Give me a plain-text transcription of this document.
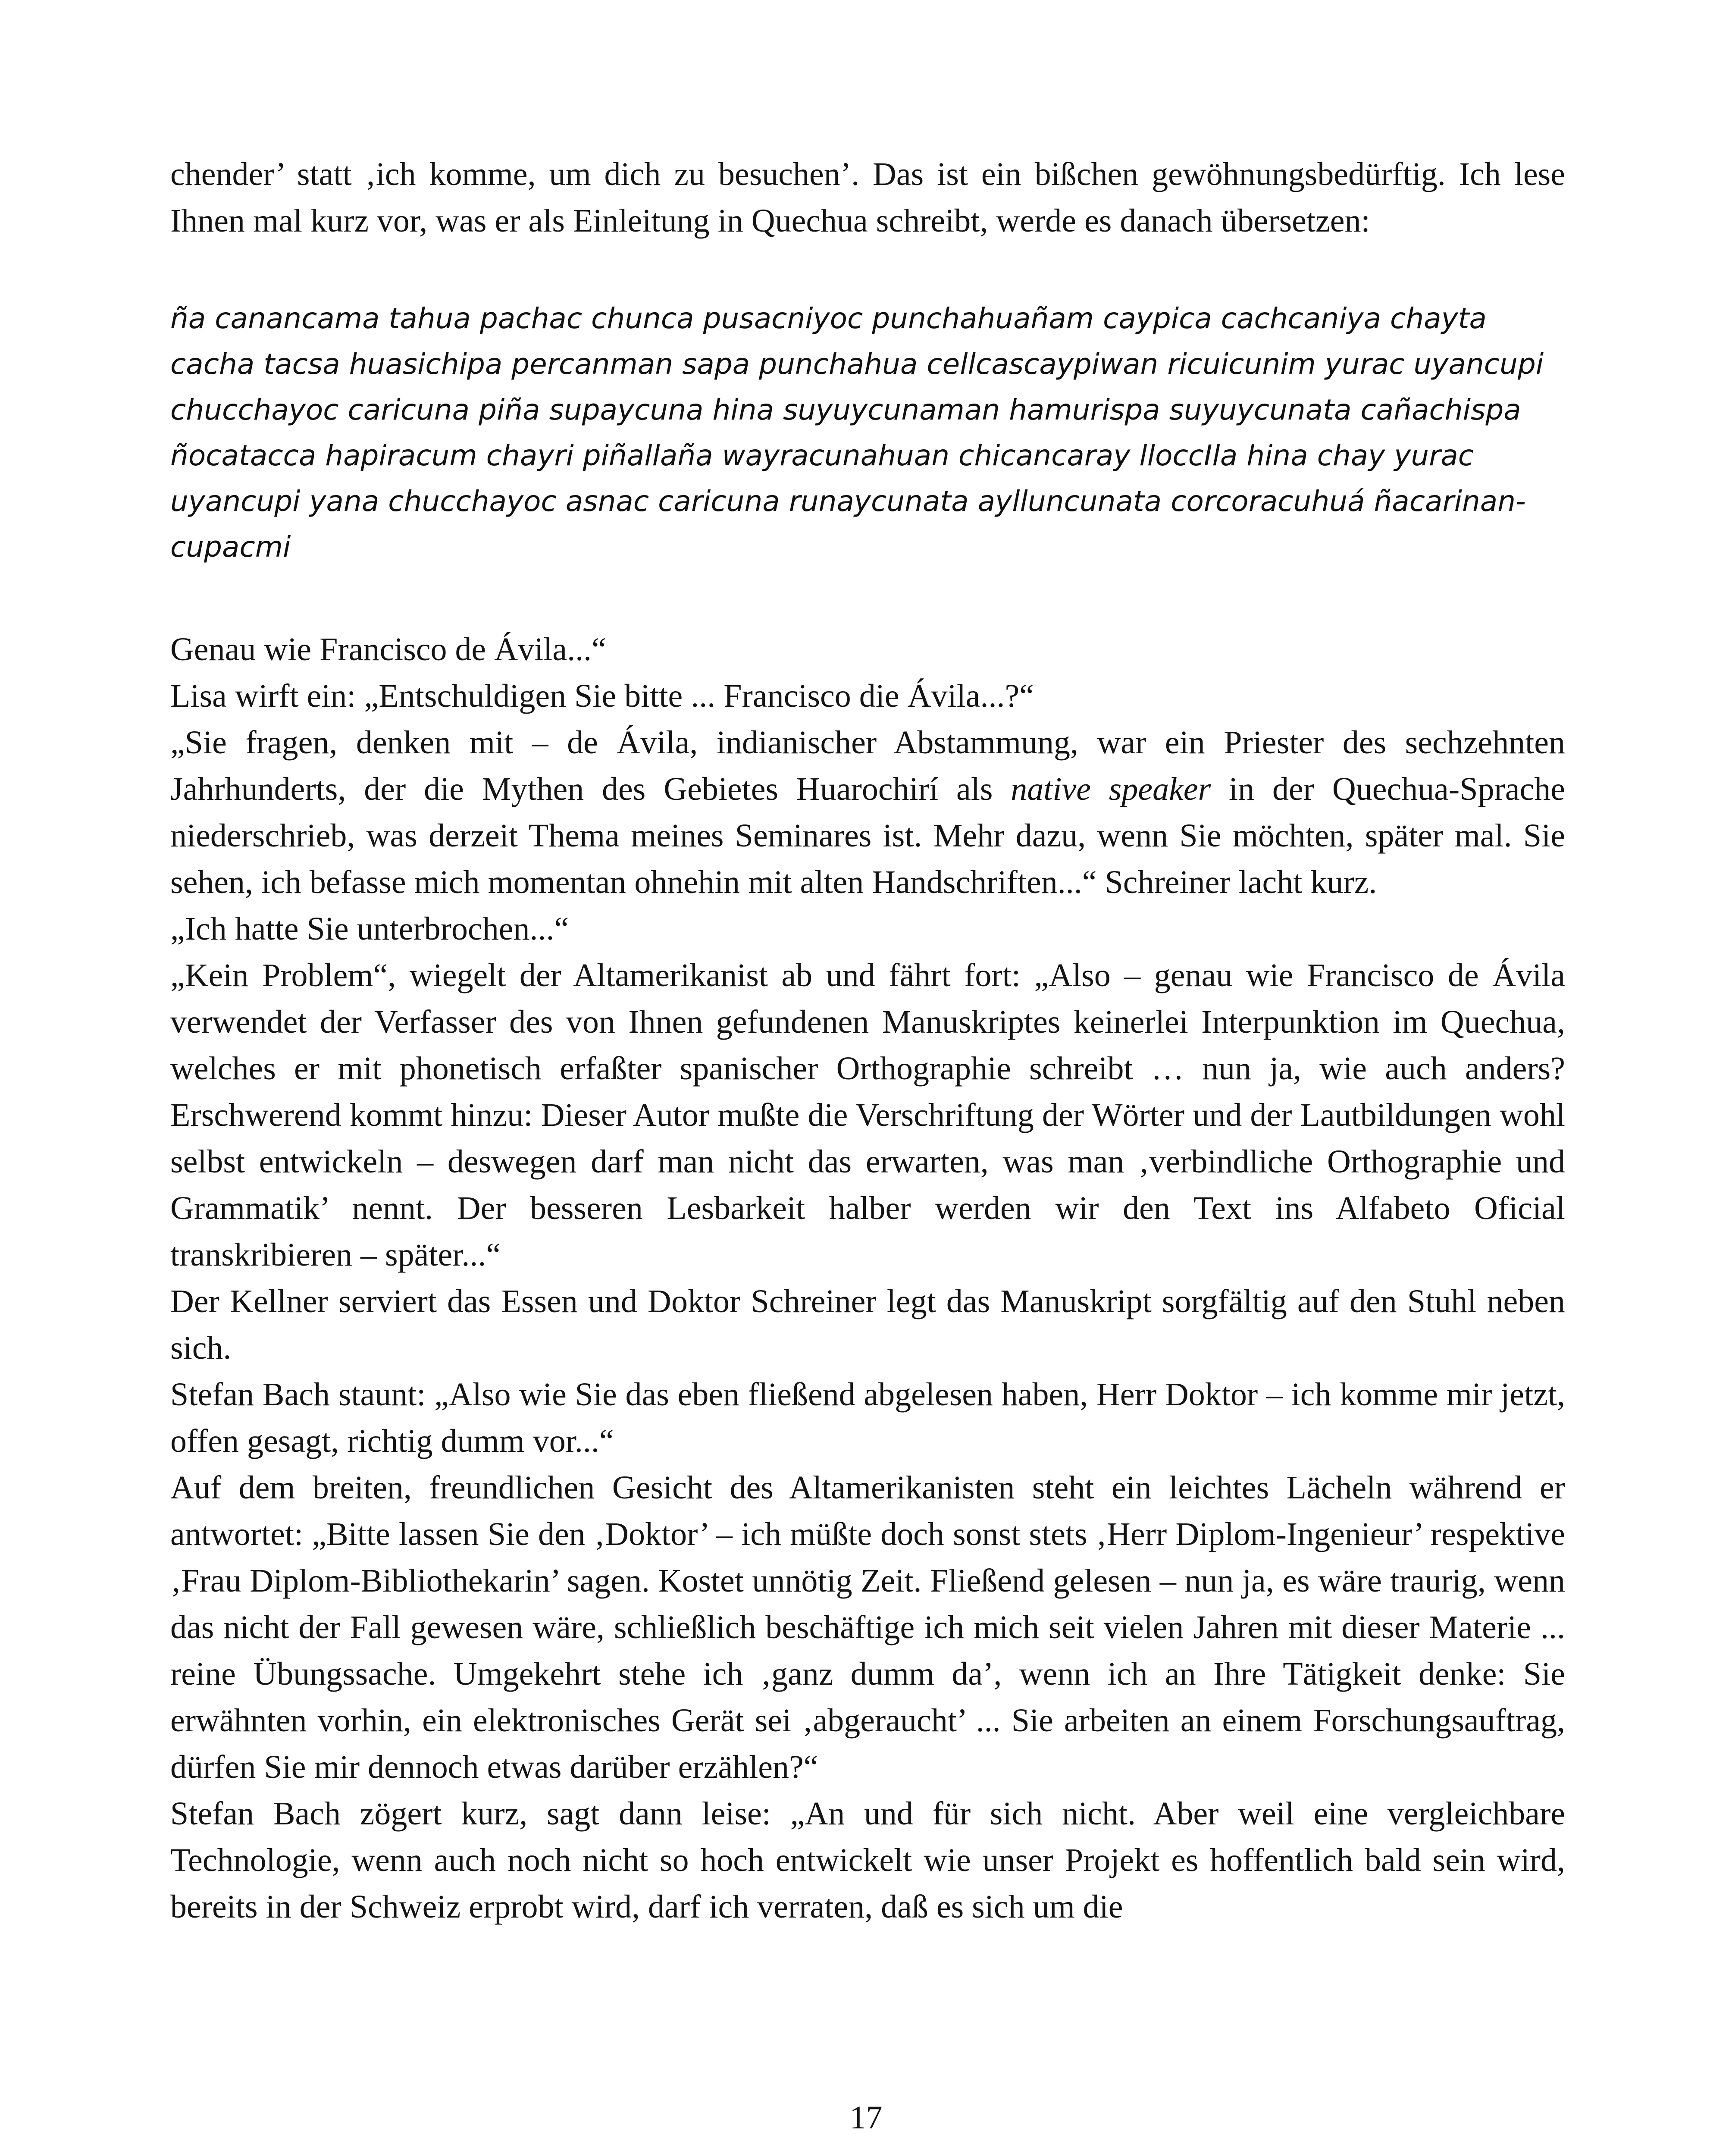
chender’ statt ‚ich komme, um dich zu besuchen’. Das ist ein bißchen gewöhnungsbedürftig. Ich lese Ihnen mal kurz vor, was er als Einleitung in Quechua schreibt, werde es danach übersetzen:

ña canancama tahua pachac chunca pusacniyoc punchahuañam caypica cachcaniya chayta cacha tacsa huasichipa percanman sapa punchahua cellcascaypiwan ricuicunim yurac uyancupi chucchayoc caricuna piña supaycuna hina suyuycunaman hamurispa suyuycunata cañachispa ñocatacca hapiracum chayri piñallaña wayracunahuan chicancaray lloccIla hina chay yurac uyancupi yana chucchayoc asnac caricuna runaycunata aylluncunata corcoracuhuá ñacarinancupacmi

Genau wie Francisco de Ávila...“

Lisa wirft ein: „Entschuldigen Sie bitte ... Francisco die Ávila...?“

„Sie fragen, denken mit – de Ávila, indianischer Abstammung, war ein Priester des sechzehnten Jahrhunderts, der die Mythen des Gebietes Huarochirí als native speaker in der Quechua-Sprache niederschrieb, was derzeit Thema meines Seminares ist. Mehr dazu, wenn Sie möchten, später mal. Sie sehen, ich befasse mich momentan ohnehin mit alten Handschriften...“ Schreiner lacht kurz.

„Ich hatte Sie unterbrochen...“

„Kein Problem“, wiegelt der Altamerikanist ab und fährt fort: „Also – genau wie Francisco de Ávila verwendet der Verfasser des von Ihnen gefundenen Manuskriptes keinerlei Interpunktion im Quechua, welches er mit phonetisch erfaßter spanischer Orthographie schreibt … nun ja, wie auch anders? Erschwerend kommt hinzu: Dieser Autor mußte die Verschriftung der Wörter und der Lautbildungen wohl selbst entwickeln – deswegen darf man nicht das erwarten, was man ‚verbindliche Orthographie und Grammatik’ nennt. Der besseren Lesbarkeit halber werden wir den Text ins Alfabeto Oficial transkribieren – später...“

Der Kellner serviert das Essen und Doktor Schreiner legt das Manuskript sorgfältig auf den Stuhl neben sich.

Stefan Bach staunt: „Also wie Sie das eben fließend abgelesen haben, Herr Doktor – ich komme mir jetzt, offen gesagt, richtig dumm vor...“

Auf dem breiten, freundlichen Gesicht des Altamerikanisten steht ein leichtes Lächeln während er antwortet: „Bitte lassen Sie den ‚Doktor’ – ich müßte doch sonst stets ‚Herr Diplom-Ingenieur’ respektive ‚Frau Diplom-Bibliothekarin’ sagen. Kostet unnötig Zeit. Fließend gelesen – nun ja, es wäre traurig, wenn das nicht der Fall gewesen wäre, schließlich beschäftige ich mich seit vielen Jahren mit dieser Materie ... reine Übungssache. Umgekehrt stehe ich ‚ganz dumm da’, wenn ich an Ihre Tätigkeit denke: Sie erwähnten vorhin, ein elektronisches Gerät sei ‚abgeraucht’ ... Sie arbeiten an einem Forschungsauftrag, dürfen Sie mir dennoch etwas darüber erzählen?“

Stefan Bach zögert kurz, sagt dann leise: „An und für sich nicht. Aber weil eine vergleichbare Technologie, wenn auch noch nicht so hoch entwickelt wie unser Projekt es hoffentlich bald sein wird, bereits in der Schweiz erprobt wird, darf ich verraten, daß es sich um die

17
